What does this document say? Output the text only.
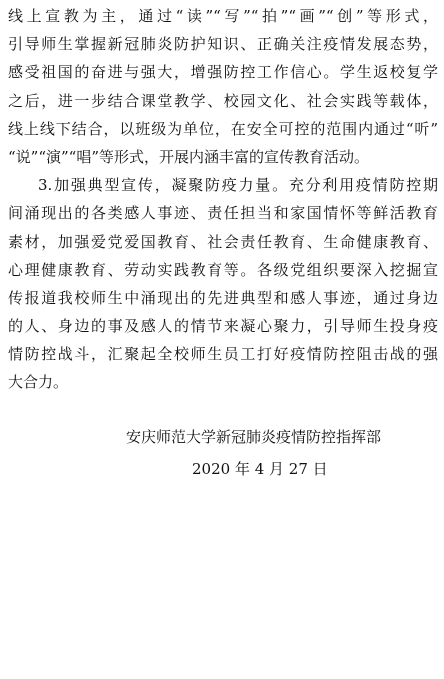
线上宣教为主，通过“读”“写”“拍”“画”“创”等形式，
引导师生掌握新冠肺炎防护知识、正确关注疫情发展态势，
感受祖国的奋进与强大，增强防控工作信心。学生返校复学
之后，进一步结合课堂教学、校园文化、社会实践等载体，
线上线下结合，以班级为单位，在安全可控的范围内通过“听”
“说”“演”“唱”等形式，开展内涵丰富的宣传教育活动。
3.加强典型宣传，凝聚防疫力量。充分利用疫情防控期
间涌现出的各类感人事迹、责任担当和家国情怀等鲜活教育
素材，加强爱党爱国教育、社会责任教育、生命健康教育、
心理健康教育、劳动实践教育等。各级党组织要深入挖掘宣
传报道我校师生中涌现出的先进典型和感人事迹，通过身边
的人、身边的事及感人的情节来凝心聚力，引导师生投身疫
情防控战斗，汇聚起全校师生员工打好疫情防控阻击战的强
大合力。
安庆师范大学新冠肺炎疫情防控指挥部
2020 年 4 月 27 日
